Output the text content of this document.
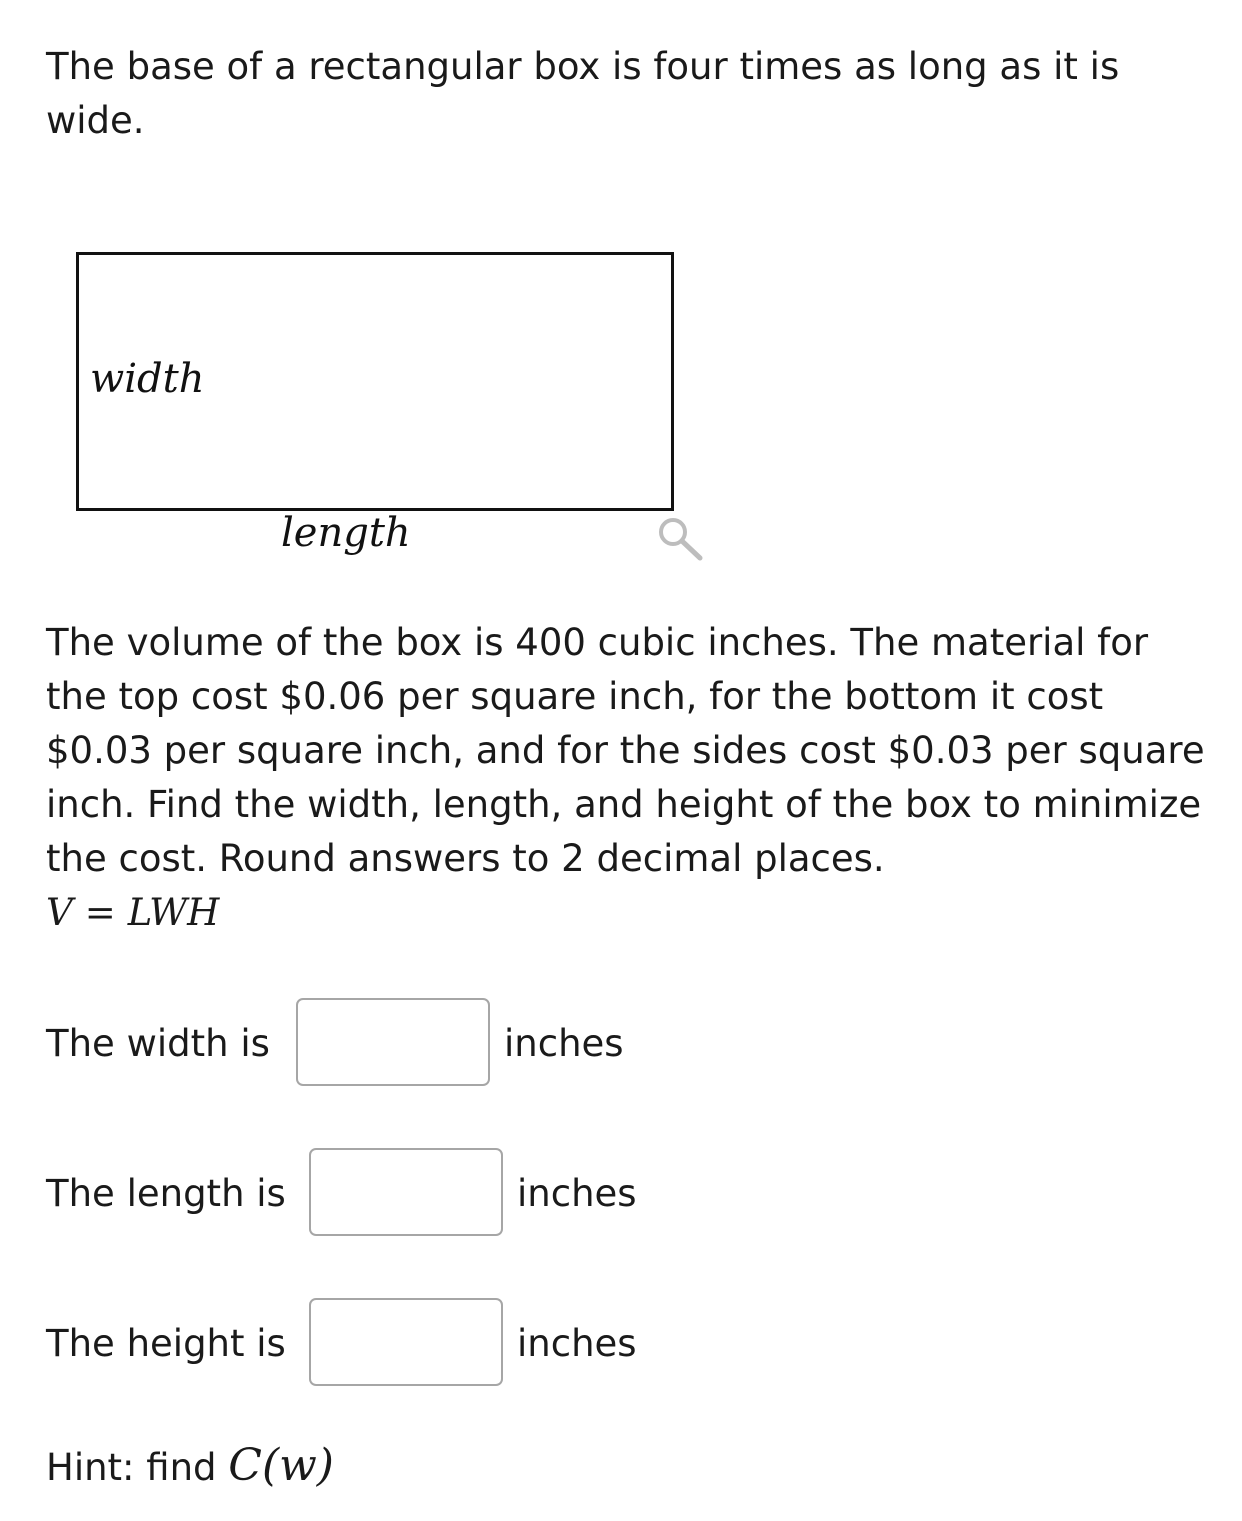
The base of a rectangular box is four times as long as it is wide.

width
length

The volume of the box is 400 cubic inches. The material for the top cost $0.06 per square inch, for the bottom it cost $0.03 per square inch, and for the sides cost $0.03 per square inch. Find the width, length, and height of the box to minimize the cost. Round answers to 2 decimal places.
V = LWH

The width is	inches
The length is	inches
The height is	inches
Hint: find C(w)
